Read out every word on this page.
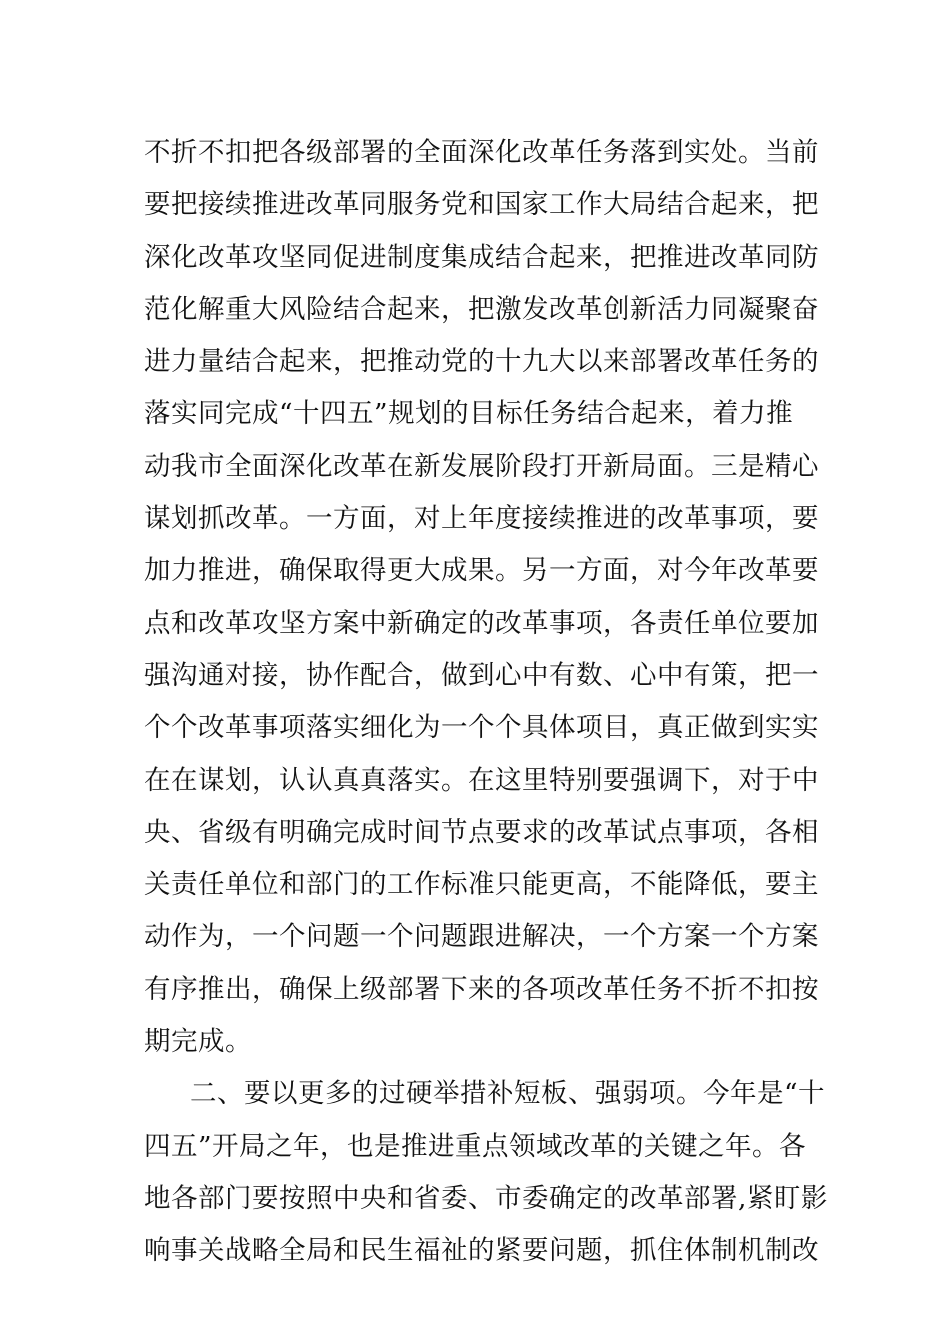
不折不扣把各级部署的全面深化改革任务落到实处。当前
要把接续推进改革同服务党和国家工作大局结合起来，把
深化改革攻坚同促进制度集成结合起来，把推进改革同防
范化解重大风险结合起来，把激发改革创新活力同凝聚奋
进力量结合起来，把推动党的十九大以来部署改革任务的
落实同完成“十四五”规划的目标任务结合起来，着力推
动我市全面深化改革在新发展阶段打开新局面。三是精心
谋划抓改革。一方面，对上年度接续推进的改革事项，要
加力推进，确保取得更大成果。另一方面，对今年改革要
点和改革攻坚方案中新确定的改革事项，各责任单位要加
强沟通对接，协作配合，做到心中有数、心中有策，把一
个个改革事项落实细化为一个个具体项目，真正做到实实
在在谋划，认认真真落实。在这里特别要强调下，对于中
央、省级有明确完成时间节点要求的改革试点事项，各相
关责任单位和部门的工作标准只能更高，不能降低，要主
动作为，一个问题一个问题跟进解决，一个方案一个方案
有序推出，确保上级部署下来的各项改革任务不折不扣按
期完成。
二、要以更多的过硬举措补短板、强弱项。今年是“十
四五”开局之年，也是推进重点领域改革的关键之年。各
地各部门要按照中央和省委、市委确定的改革部署,紧盯影
响事关战略全局和民生福祉的紧要问题，抓住体制机制改
